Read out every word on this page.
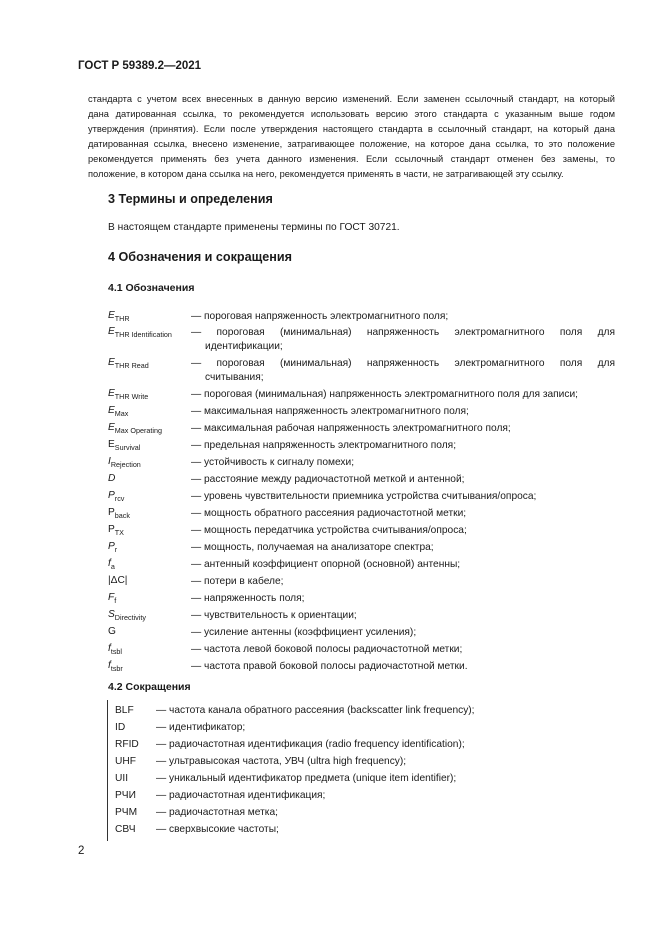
ГОСТ Р 59389.2—2021
стандарта с учетом всех внесенных в данную версию изменений. Если заменен ссылочный стандарт, на который
дана датированная ссылка, то рекомендуется использовать версию этого стандарта с указанным выше годом
утверждения (принятия). Если после утверждения настоящего стандарта в ссылочный стандарт, на который дана
датированная ссылка, внесено изменение, затрагивающее положение, на которое дана ссылка, то это положение
рекомендуется применять без учета данного изменения. Если ссылочный стандарт отменен без замены, то
положение, в котором дана ссылка на него, рекомендуется применять в части, не затрагивающей эту ссылку.
3 Термины и определения
В настоящем стандарте применены термины по ГОСТ 30721.
4 Обозначения и сокращения
4.1 Обозначения
$E_{THR}$	— пороговая напряженность электромагнитного поля;
$E_{THR Identification}$ — пороговая (минимальная) напряженность электромагнитного поля для
идентификации;
$E_{THR Read}$	— пороговая (минимальная) напряженность электромагнитного поля для
считывания;
$E_{THR Write}$	— пороговая (минимальная) напряженность электромагнитного поля для записи;
$E_{Max}$	— максимальная напряженность электромагнитного поля;
$E_{Max Operating}$	— максимальная рабочая напряженность электромагнитного поля;
$E_{Survival}$	— предельная напряженность электромагнитного поля;
$I_{Rejection}$	— устойчивость к сигналу помехи;
D	— расстояние между радиочастотной меткой и антенной;
$P_{rcv}$	— уровень чувствительности приемника устройства считывания/опроса;
$P_{back}$	— мощность обратного рассеяния радиочастотной метки;
$P_{TX}$	— мощность передатчика устройства считывания/опроса;
$P_r$	— мощность, получаемая на анализаторе спектра;
$f_a$	— антенный коэффициент опорной (основной) антенны;
|ΔC|	— потери в кабеле;
$F_f$	— напряженность поля;
$S_{Directivity}$	— чувствительность к ориентации;
G	— усиление антенны (коэффициент усиления);
$f_{tsbl}$	— частота левой боковой полосы радиочастотной метки;
$f_{tsbr}$	— частота правой боковой полосы радиочастотной метки.
4.2 Сокращения
BLF — частота канала обратного рассеяния (backscatter link frequency);
ID	— идентификатор;
RFID — радиочастотная идентификация (radio frequency identification);
UHF — ультравысокая частота, УВЧ (ultra high frequency);
UII	— уникальный идентификатор предмета (unique item identifier);
РЧИ — радиочастотная идентификация;
РЧМ — радиочастотная метка;
СВЧ — сверхвысокие частоты;
2
